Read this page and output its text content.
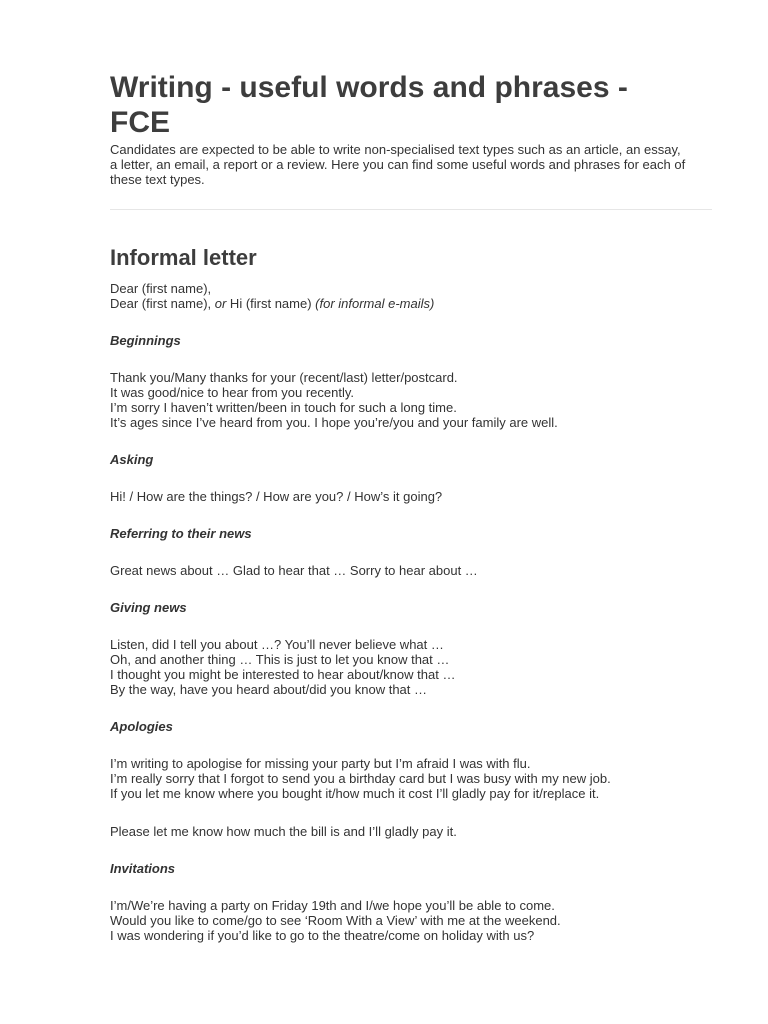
Writing - useful words and phrases -
FCE

Candidates are expected to be able to write non-specialised text types such as an article, an essay,
a letter, an email, a report or a review. Here you can find some useful words and phrases for each of
these text types.

Informal letter

Dear (first name),
Dear (first name), or Hi (first name) (for informal e-mails)

Beginnings

Thank you/Many thanks for your (recent/last) letter/postcard.
It was good/nice to hear from you recently.
I’m sorry I haven’t written/been in touch for such a long time.
It’s ages since I’ve heard from you. I hope you’re/you and your family are well.

Asking

Hi! / How are the things? / How are you? / How’s it going?

Referring to their news

Great news about … Glad to hear that … Sorry to hear about …

Giving news

Listen, did I tell you about …? You’ll never believe what …
Oh, and another thing … This is just to let you know that …
I thought you might be interested to hear about/know that …
By the way, have you heard about/did you know that …

Apologies

I’m writing to apologise for missing your party but I’m afraid I was with flu.
I’m really sorry that I forgot to send you a birthday card but I was busy with my new job.
If you let me know where you bought it/how much it cost I’ll gladly pay for it/replace it.

Please let me know how much the bill is and I’ll gladly pay it.

Invitations

I’m/We’re having a party on Friday 19th and I/we hope you’ll be able to come.
Would you like to come/go to see ‘Room With a View’ with me at the weekend.
I was wondering if you’d like to go to the theatre/come on holiday with us?
